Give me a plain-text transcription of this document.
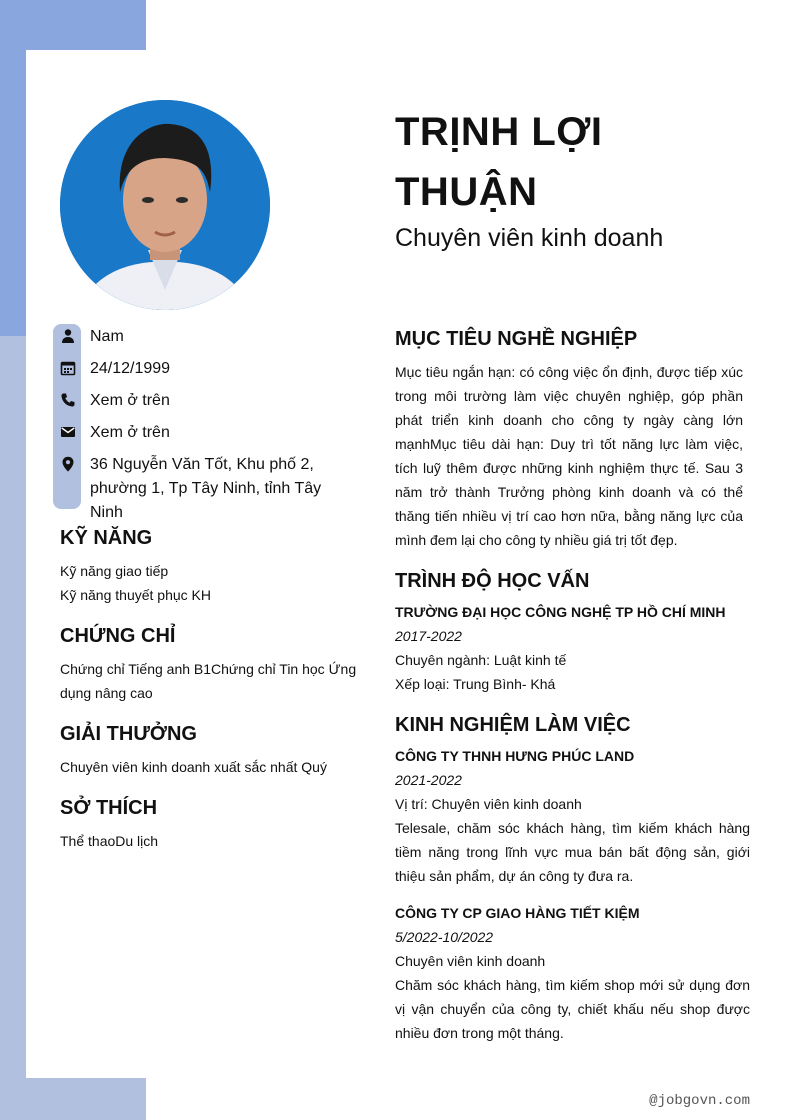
TRỊNH LỢI
THUẬN
Chuyên viên kinh doanh
Nam
24/12/1999
Xem ở trên
Xem ở trên
36 Nguyễn Văn Tốt, Khu phố 2, phường 1, Tp Tây Ninh, tỉnh Tây Ninh
KỸ NĂNG
Kỹ năng giao tiếp
Kỹ năng thuyết phục KH
CHỨNG CHỈ
Chứng chỉ Tiếng anh B1Chứng chỉ Tin học Ứng dụng nâng cao
GIẢI THƯỞNG
Chuyên viên kinh doanh xuất sắc nhất Quý
SỞ THÍCH
Thể thaoDu lịch
MỤC TIÊU NGHỀ NGHIỆP
Mục tiêu ngắn hạn: có công việc ổn định, được tiếp xúc trong môi trường làm việc chuyên nghiệp, góp phần phát triển kinh doanh cho công ty ngày càng lớn mạnhMục tiêu dài hạn: Duy trì tốt năng lực làm việc, tích luỹ thêm được những kinh nghiệm thực tế. Sau 3 năm trở thành Trưởng phòng kinh doanh và có thể thăng tiến nhiều vị trí cao hơn nữa, bằng năng lực của mình đem lại cho công ty nhiều giá trị tốt đẹp.
TRÌNH ĐỘ HỌC VẤN
TRƯỜNG ĐẠI HỌC CÔNG NGHỆ TP HỒ CHÍ MINH
2017-2022
Chuyên ngành: Luật kinh tế
Xếp loại: Trung Bình- Khá
KINH NGHIỆM LÀM VIỆC
CÔNG TY THNH HƯNG PHÚC LAND
2021-2022
Vị trí: Chuyên viên kinh doanh
Telesale, chăm sóc khách hàng, tìm kiếm khách hàng tiềm năng trong lĩnh vực mua bán bất động sản, giới thiệu sản phẩm, dự án công ty đưa ra.
CÔNG TY CP GIAO HÀNG TIẾT KIỆM
5/2022-10/2022
Chuyên viên kinh doanh
Chăm sóc khách hàng, tìm kiếm shop mới sử dụng đơn vị vận chuyển của công ty, chiết khấu nếu shop được nhiều đơn trong một tháng.
@jobgovn.com
